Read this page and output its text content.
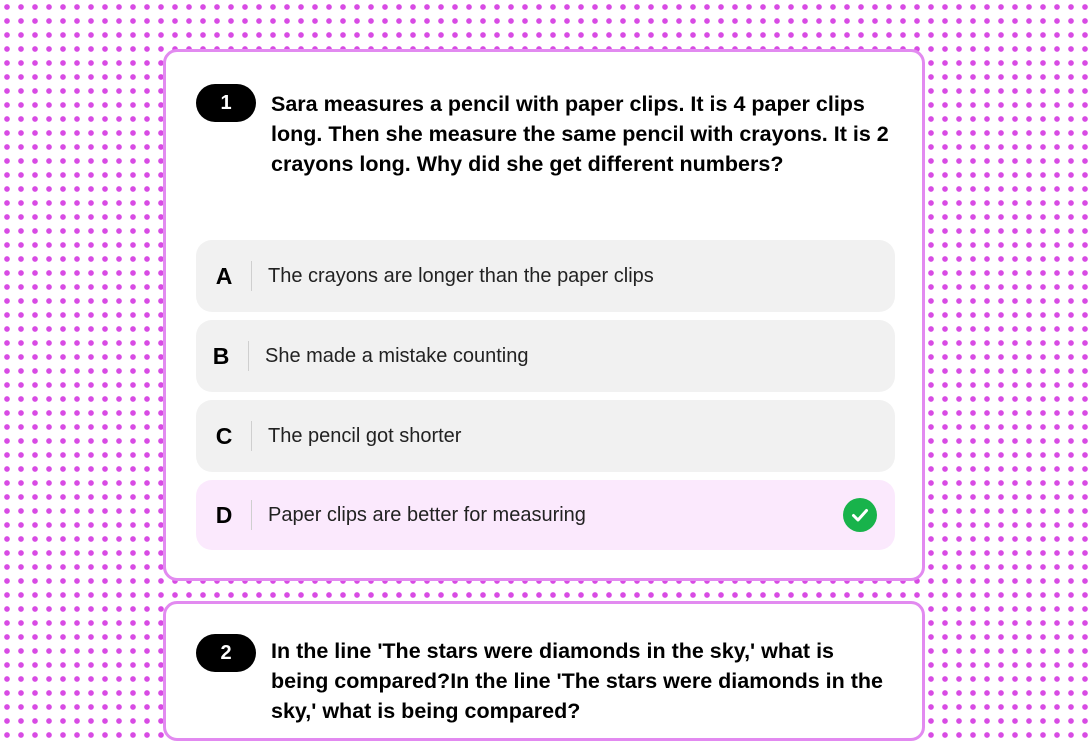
1	Sara measures a pencil with paper clips. It is 4 paper clips long. Then she measure the same pencil with crayons. It is 2 crayons long. Why did she get different numbers?

A	The crayons are longer than the paper clips
B	She made a mistake counting
C	The pencil got shorter
D	Paper clips are better for measuring
2	In the line 'The stars were diamonds in the sky,' what is being compared?In the line 'The stars were diamonds in the sky,' what is being compared?
